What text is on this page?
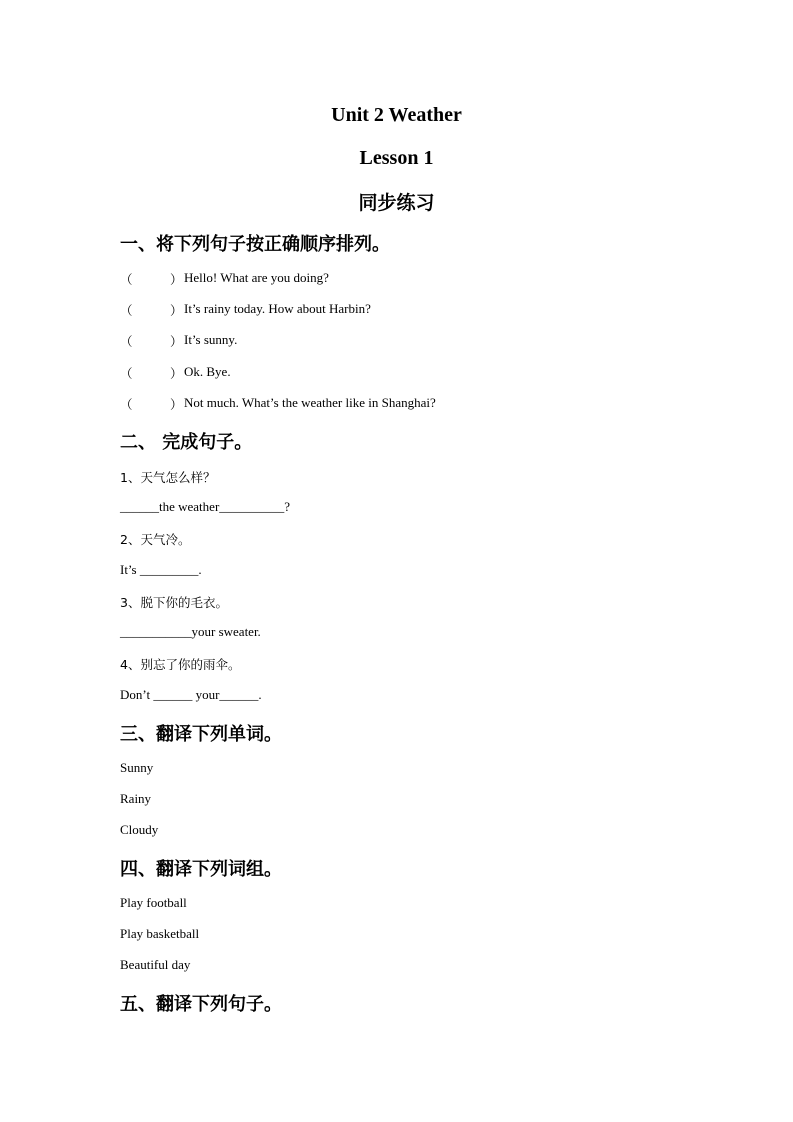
Unit 2 Weather
Lesson 1
同步练习
一、将下列句子按正确顺序排列。
（	） Hello! What are you doing?
（	） It’s rainy today. How about Harbin?
（	） It’s sunny.
（	） Ok. Bye.
（	） Not much. What’s the weather like in Shanghai?
二、 完成句子。
1、天气怎么样？
______the weather__________?
2、天气冷。
It’s _________.
3、脱下你的毛衣。
___________your sweater.
4、别忘了你的雨伞。
Don’t ______ your______.
三、翻译下列单词。
Sunny
Rainy
Cloudy
四、翻译下列词组。
Play football
Play basketball
Beautiful day
五、翻译下列句子。
